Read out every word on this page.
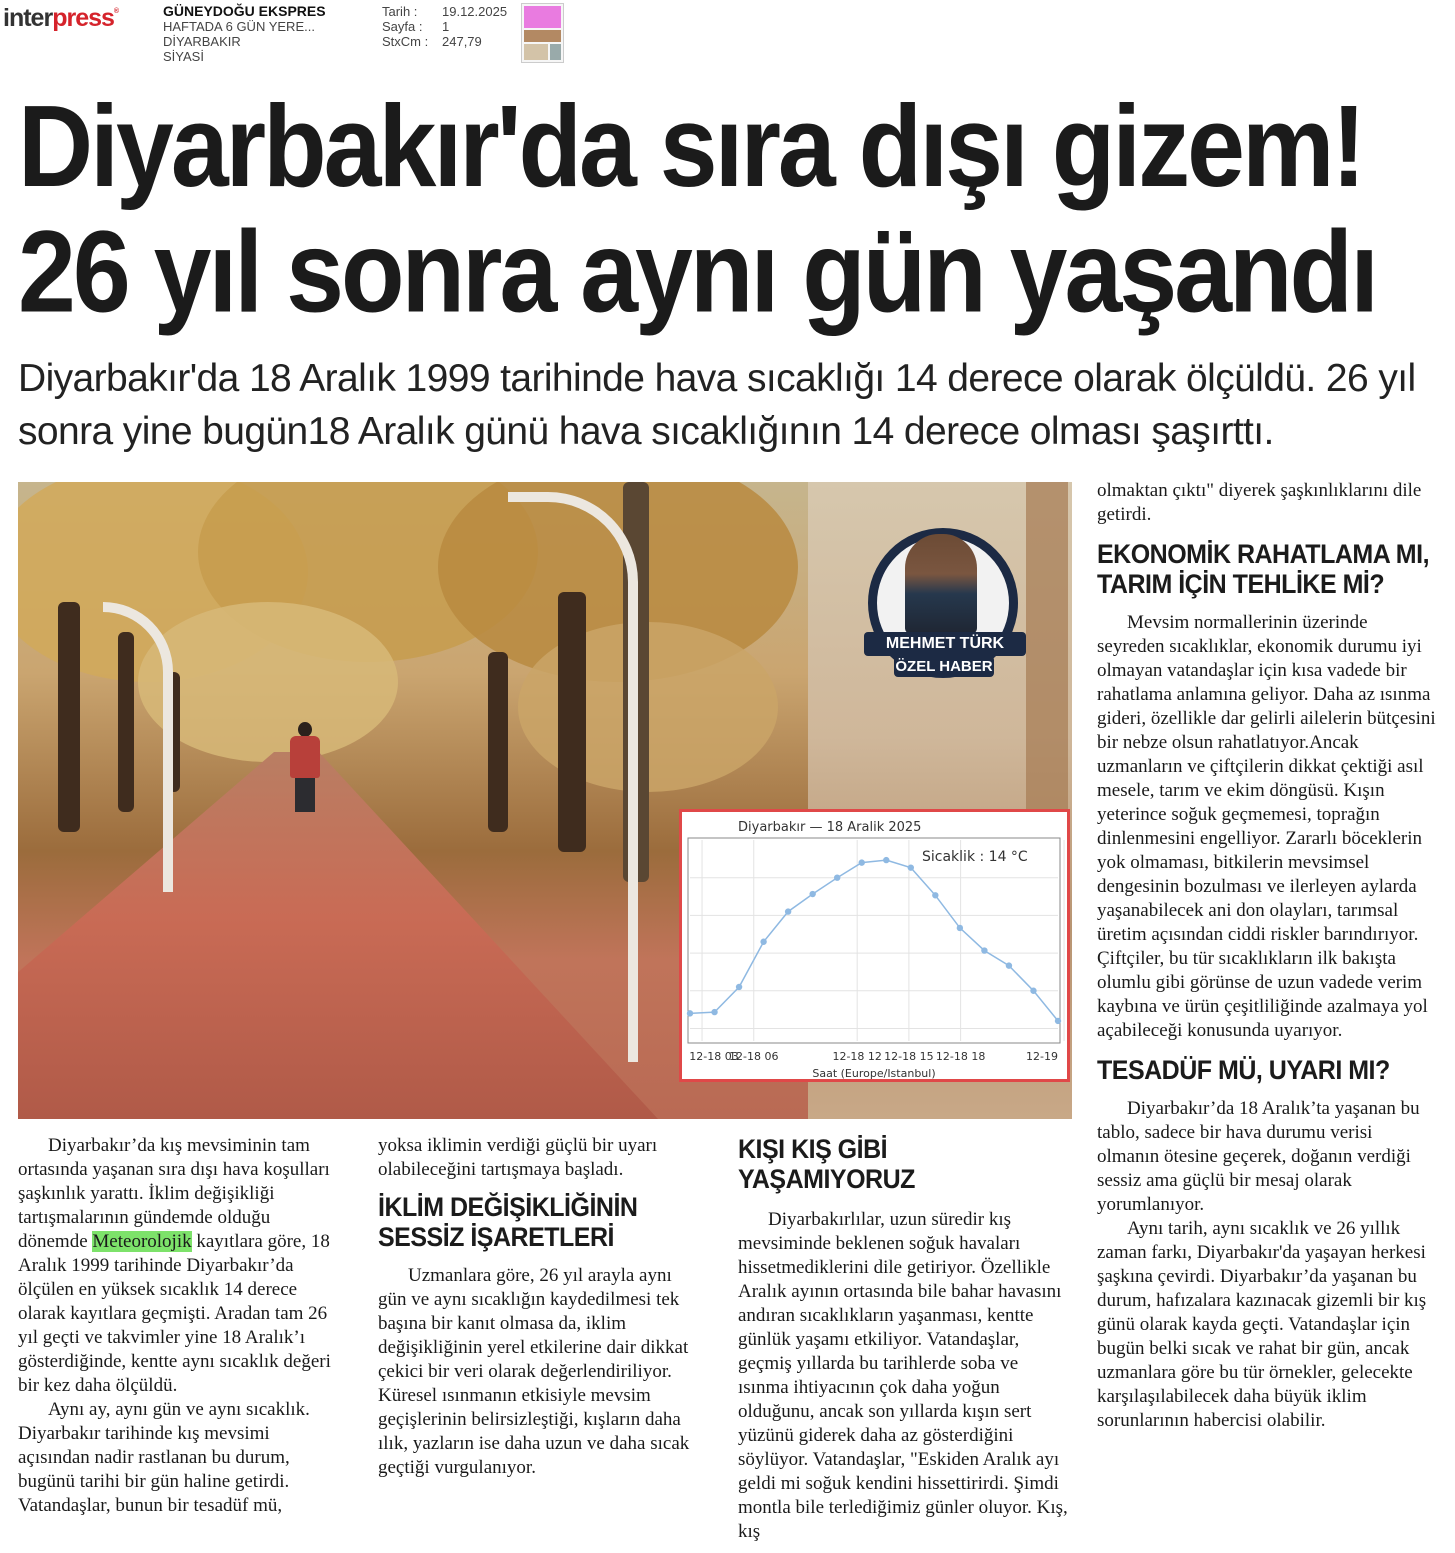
interpress®	GÜNEYDOĞU EKSPRES
HAFTADA 6 GÜN YERE...
DİYARBAKIR
SİYASİ
Tarih : 19.12.2025
Sayfa : 1
StxCm : 247,79
Diyarbakır'da sıra dışı gizem!
26 yıl sonra aynı gün yaşandı

Diyarbakır'da 18 Aralık 1999 tarihinde hava sıcaklığı 14 derece olarak ölçüldü. 26 yıl sonra yine bugün18 Aralık günü hava sıcaklığının 14 derece olması şaşırttı.

MEHMET TÜRK
ÖZEL HABER
Diyarbakır — 18 Aralik 2025
Sicaklik : 14 °C
12-18 03
12-18 06	12-18 12 12-18 15 12-18 18	12-19
Saat (Europe/Istanbul)

Diyarbakır’da kış mevsiminin tam ortasında yaşanan sıra dışı hava koşulları şaşkınlık yarattı. İklim değişikliği tartışmalarının gündemde olduğu dönemde Meteorolojik kayıtlara göre, 18 Aralık 1999 tarihinde Diyarbakır’da ölçülen en yüksek sıcaklık 14 derece olarak kayıtlara geçmişti. Aradan tam 26 yıl geçti ve takvimler yine 18 Aralık’ı gösterdiğinde, kentte aynı sıcaklık değeri bir kez daha ölçüldü.

Aynı ay, aynı gün ve aynı sıcaklık. Diyarbakır tarihinde kış mevsimi açısından nadir rastlanan bu durum, bugünü tarihi bir gün haline getirdi. Vatandaşlar, bunun bir tesadüf mü,

yoksa iklimin verdiği güçlü bir uyarı olabileceğini tartışmaya başladı.

İKLİM DEĞİŞİKLİĞİNİN SESSİZ İŞARETLERİ

Uzmanlara göre, 26 yıl arayla aynı gün ve aynı sıcaklığın kaydedilmesi tek başına bir kanıt olmasa da, iklim değişikliğinin yerel etkilerine dair dikkat çekici bir veri olarak değerlendiriliyor. Küresel ısınmanın etkisiyle mevsim geçişlerinin belirsizleştiği, kışların daha ılık, yazların ise daha uzun ve daha sıcak geçtiği vurgulanıyor.

KIŞI KIŞ GİBİ YAŞAMIYORUZ

Diyarbakırlılar, uzun süredir kış mevsiminde beklenen soğuk havaları hissetmediklerini dile getiriyor. Özellikle Aralık ayının ortasında bile bahar havasını andıran sıcaklıkların yaşanması, kentte günlük yaşamı etkiliyor. Vatandaşlar, geçmiş yıllarda bu tarihlerde soba ve ısınma ihtiyacının çok daha yoğun olduğunu, ancak son yıllarda kışın sert yüzünü giderek daha az gösterdiğini söylüyor. Vatandaşlar, "Eskiden Aralık ayı geldi mi soğuk kendini hissettirirdi. Şimdi montla bile terlediğimiz günler oluyor. Kış, kış

olmaktan çıktı" diyerek şaşkınlıklarını dile getirdi.

EKONOMİK RAHATLAMA MI, TARIM İÇİN TEHLİKE Mİ?

Mevsim normallerinin üzerinde seyreden sıcaklıklar, ekonomik durumu iyi olmayan vatandaşlar için kısa vadede bir rahatlama anlamına geliyor. Daha az ısınma gideri, özellikle dar gelirli ailelerin bütçesini bir nebze olsun rahatlatıyor.Ancak uzmanların ve çiftçilerin dikkat çektiği asıl mesele, tarım ve ekim döngüsü. Kışın yeterince soğuk geçmemesi, toprağın dinlenmesini engelliyor. Zararlı böceklerin yok olmaması, bitkilerin mevsimsel dengesinin bozulması ve ilerleyen aylarda yaşanabilecek ani don olayları, tarımsal üretim açısından ciddi riskler barındırıyor. Çiftçiler, bu tür sıcaklıkların ilk bakışta olumlu gibi görünse de uzun vadede verim kaybına ve ürün çeşitliliğinde azalmaya yol açabileceği konusunda uyarıyor.

TESADÜF MÜ, UYARI MI?

Diyarbakır’da 18 Aralık’ta yaşanan bu tablo, sadece bir hava durumu verisi olmanın ötesine geçerek, doğanın verdiği sessiz ama güçlü bir mesaj olarak yorumlanıyor.

Aynı tarih, aynı sıcaklık ve 26 yıllık zaman farkı, Diyarbakır'da yaşayan herkesi şaşkına çevirdi. Diyarbakır’da yaşanan bu durum, hafızalara kazınacak gizemli bir kış günü olarak kayda geçti. Vatandaşlar için bugün belki sıcak ve rahat bir gün, ancak uzmanlara göre bu tür örnekler, gelecekte karşılaşılabilecek daha büyük iklim sorunlarının habercisi olabilir.
